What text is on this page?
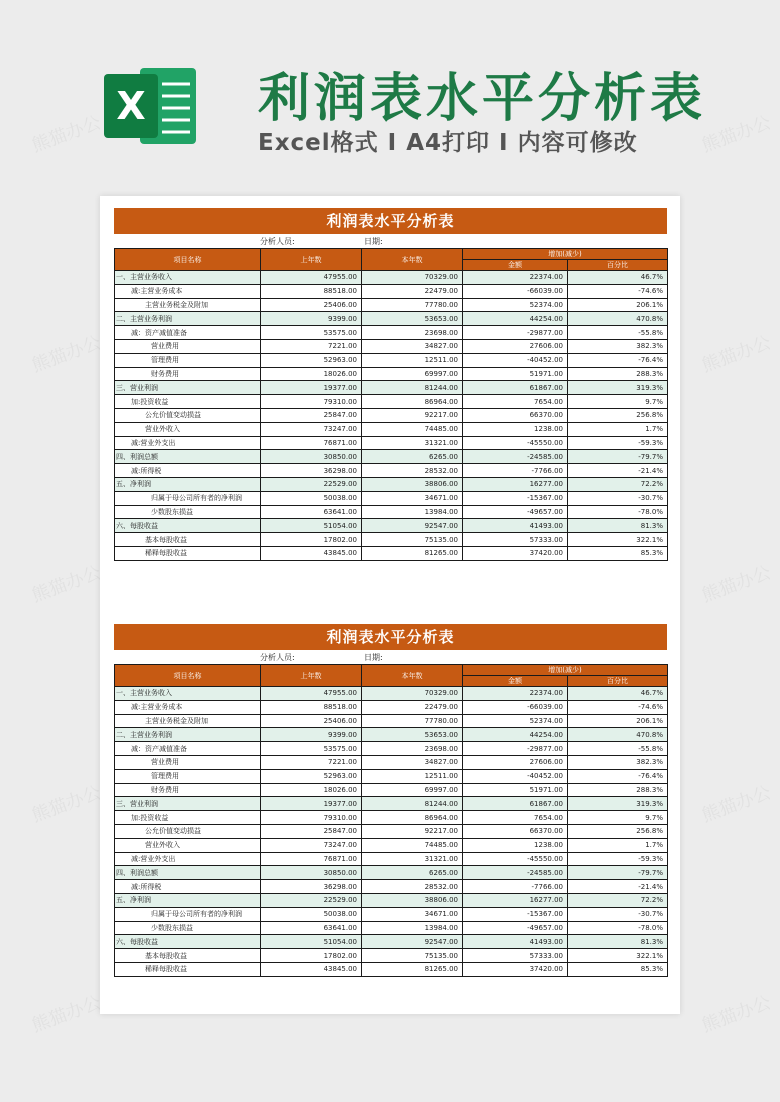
熊猫办公	熊猫办公
熊猫办公	熊猫办公
熊猫办公	熊猫办公
熊猫办公	熊猫办公
熊猫办公	熊猫办公
X 利润表水平分析表
Excel格式 I A4打印 I 内容可修改
利润表水平分析表
分析人员:	日期:
项目名称	上年数	本年数	增加(减少)	
			金额	百分比
一、主营业务收入	47955.00	70329.00	22374.00	46.7%
减:主营业务成本	88518.00	22479.00	-66039.00	-74.6%
主营业务税金及附加	25406.00	77780.00	52374.00	206.1%
二、主营业务利润	9399.00	53653.00	44254.00	470.8%
减：资产减值准备	53575.00	23698.00	-29877.00	-55.8%
营业费用	7221.00	34827.00	27606.00	382.3%
管理费用	52963.00	12511.00	-40452.00	-76.4%
财务费用	18026.00	69997.00	51971.00	288.3%
三、营业利润	19377.00	81244.00	61867.00	319.3%
加:投资收益	79310.00	86964.00	7654.00	9.7%
公允价值变动损益	25847.00	92217.00	66370.00	256.8%
营业外收入	73247.00	74485.00	1238.00	1.7%
减:营业外支出	76871.00	31321.00	-45550.00	-59.3%
四、利润总额	30850.00	6265.00	-24585.00	-79.7%
减:所得税	36298.00	28532.00	-7766.00	-21.4%
五、净利润	22529.00	38806.00	16277.00	72.2%
归属于母公司所有者的净利润	50038.00	34671.00	-15367.00	-30.7%
少数股东损益	63641.00	13984.00	-49657.00	-78.0%
六、每股收益	51054.00	92547.00	41493.00	81.3%
基本每股收益	17802.00	75135.00	57333.00	322.1%
稀释每股收益	43845.00	81265.00	37420.00	85.3%
利润表水平分析表
分析人员:	日期:
项目名称	上年数	本年数	增加(减少)	
			金额	百分比
一、主营业务收入	47955.00	70329.00	22374.00	46.7%
减:主营业务成本	88518.00	22479.00	-66039.00	-74.6%
主营业务税金及附加	25406.00	77780.00	52374.00	206.1%
二、主营业务利润	9399.00	53653.00	44254.00	470.8%
减：资产减值准备	53575.00	23698.00	-29877.00	-55.8%
营业费用	7221.00	34827.00	27606.00	382.3%
管理费用	52963.00	12511.00	-40452.00	-76.4%
财务费用	18026.00	69997.00	51971.00	288.3%
三、营业利润	19377.00	81244.00	61867.00	319.3%
加:投资收益	79310.00	86964.00	7654.00	9.7%
公允价值变动损益	25847.00	92217.00	66370.00	256.8%
营业外收入	73247.00	74485.00	1238.00	1.7%
减:营业外支出	76871.00	31321.00	-45550.00	-59.3%
四、利润总额	30850.00	6265.00	-24585.00	-79.7%
减:所得税	36298.00	28532.00	-7766.00	-21.4%
五、净利润	22529.00	38806.00	16277.00	72.2%
归属于母公司所有者的净利润	50038.00	34671.00	-15367.00	-30.7%
少数股东损益	63641.00	13984.00	-49657.00	-78.0%
六、每股收益	51054.00	92547.00	41493.00	81.3%
基本每股收益	17802.00	75135.00	57333.00	322.1%
稀释每股收益	43845.00	81265.00	37420.00	85.3%
